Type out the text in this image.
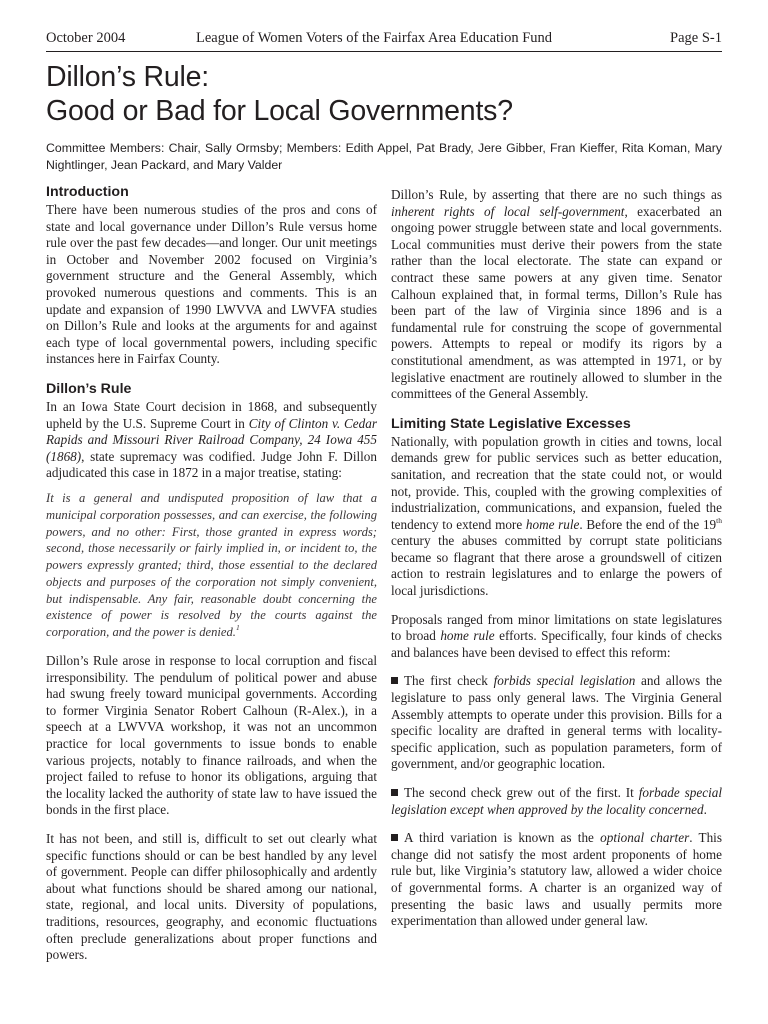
October 2004	League of Women Voters of the Fairfax Area Education Fund	Page S-1
Dillon’s Rule:
Good or Bad for Local Governments?
Committee Members: Chair, Sally Ormsby; Members: Edith Appel, Pat Brady, Jere Gibber, Fran Kieffer, Rita Koman, Mary Nightlinger, Jean Packard, and Mary Valder
Introduction

There have been numerous studies of the pros and cons of state and local governance under Dillon’s Rule versus home rule over the past few decades—and longer. Our unit meetings in October and November 2002 focused on Virginia’s government structure and the General Assembly, which provoked numerous questions and comments. This is an update and expansion of 1990 LWVVA and LWVFA studies on Dillon’s Rule and looks at the arguments for and against each type of local governmental powers, including specific instances here in Fairfax County.

Dillon’s Rule

In an Iowa State Court decision in 1868, and subsequently upheld by the U.S. Supreme Court in City of Clinton v. Cedar Rapids and Missouri River Railroad Company, 24 Iowa 455 (1868), state supremacy was codified. Judge John F. Dillon adjudicated this case in 1872 in a major treatise, stating:

It is a general and undisputed proposition of law that a municipal corporation possesses, and can exercise, the following powers, and no other: First, those granted in express words; second, those necessarily or fairly implied in, or incident to, the powers expressly granted; third, those essential to the declared objects and purposes of the corporation not simply convenient, but indispensable. Any fair, reasonable doubt concerning the existence of power is resolved by the courts against the corporation, and the power is denied.$^1$

Dillon’s Rule arose in response to local corruption and fiscal irresponsibility. The pendulum of political power and abuse had swung freely toward municipal governments. According to former Virginia Senator Robert Calhoun (R-Alex.), in a speech at a LWVVA workshop, it was not an uncommon practice for local governments to issue bonds to enable various projects, notably to finance railroads, and when the project failed to refuse to honor its obligations, arguing that the locality lacked the authority of state law to have issued the bonds in the first place.

It has not been, and still is, difficult to set out clearly what specific functions should or can be best handled by any level of government. People can differ philosophically and ardently about what functions should be shared among our national, state, regional, and local units. Diversity of populations, traditions, resources, geography, and economic fluctuations often preclude generalizations about proper functions and powers.

Dillon’s Rule, by asserting that there are no such things as inherent rights of local self-government, exacerbated an ongoing power struggle between state and local governments. Local communities must derive their powers from the state rather than the local electorate. The state can expand or contract these same powers at any given time. Senator Calhoun explained that, in formal terms, Dillon’s Rule has been part of the law of Virginia since 1896 and is a fundamental rule for construing the scope of governmental powers. Attempts to repeal or modify its rigors by a constitutional amendment, as was attempted in 1971, or by legislative enactment are routinely allowed to slumber in the committees of the General Assembly.

Limiting State Legislative Excesses

Nationally, with population growth in cities and towns, local demands grew for public services such as better education, sanitation, and recreation that the state could not, or would not, provide. This, coupled with the growing complexities of industrialization, communications, and expansion, fueled the tendency to extend more home rule. Before the end of the 19th century the abuses committed by corrupt state politicians became so flagrant that there arose a groundswell of citizen action to restrain legislatures and to enlarge the powers of local jurisdictions.

Proposals ranged from minor limitations on state legislatures to broad home rule efforts. Specifically, four kinds of checks and balances have been devised to effect this reform:

The first check forbids special legislation and allows the legislature to pass only general laws. The Virginia General Assembly attempts to operate under this provision. Bills for a specific locality are drafted in general terms with locality-specific application, such as population parameters, form of government, and/or geographic location.

The second check grew out of the first. It forbade special legislation except when approved by the locality concerned.

A third variation is known as the optional charter. This change did not satisfy the most ardent proponents of home rule but, like Virginia’s statutory law, allowed a wider choice of governmental forms. A charter is an organized way of presenting the basic laws and usually permits more experimentation than allowed under general law.
